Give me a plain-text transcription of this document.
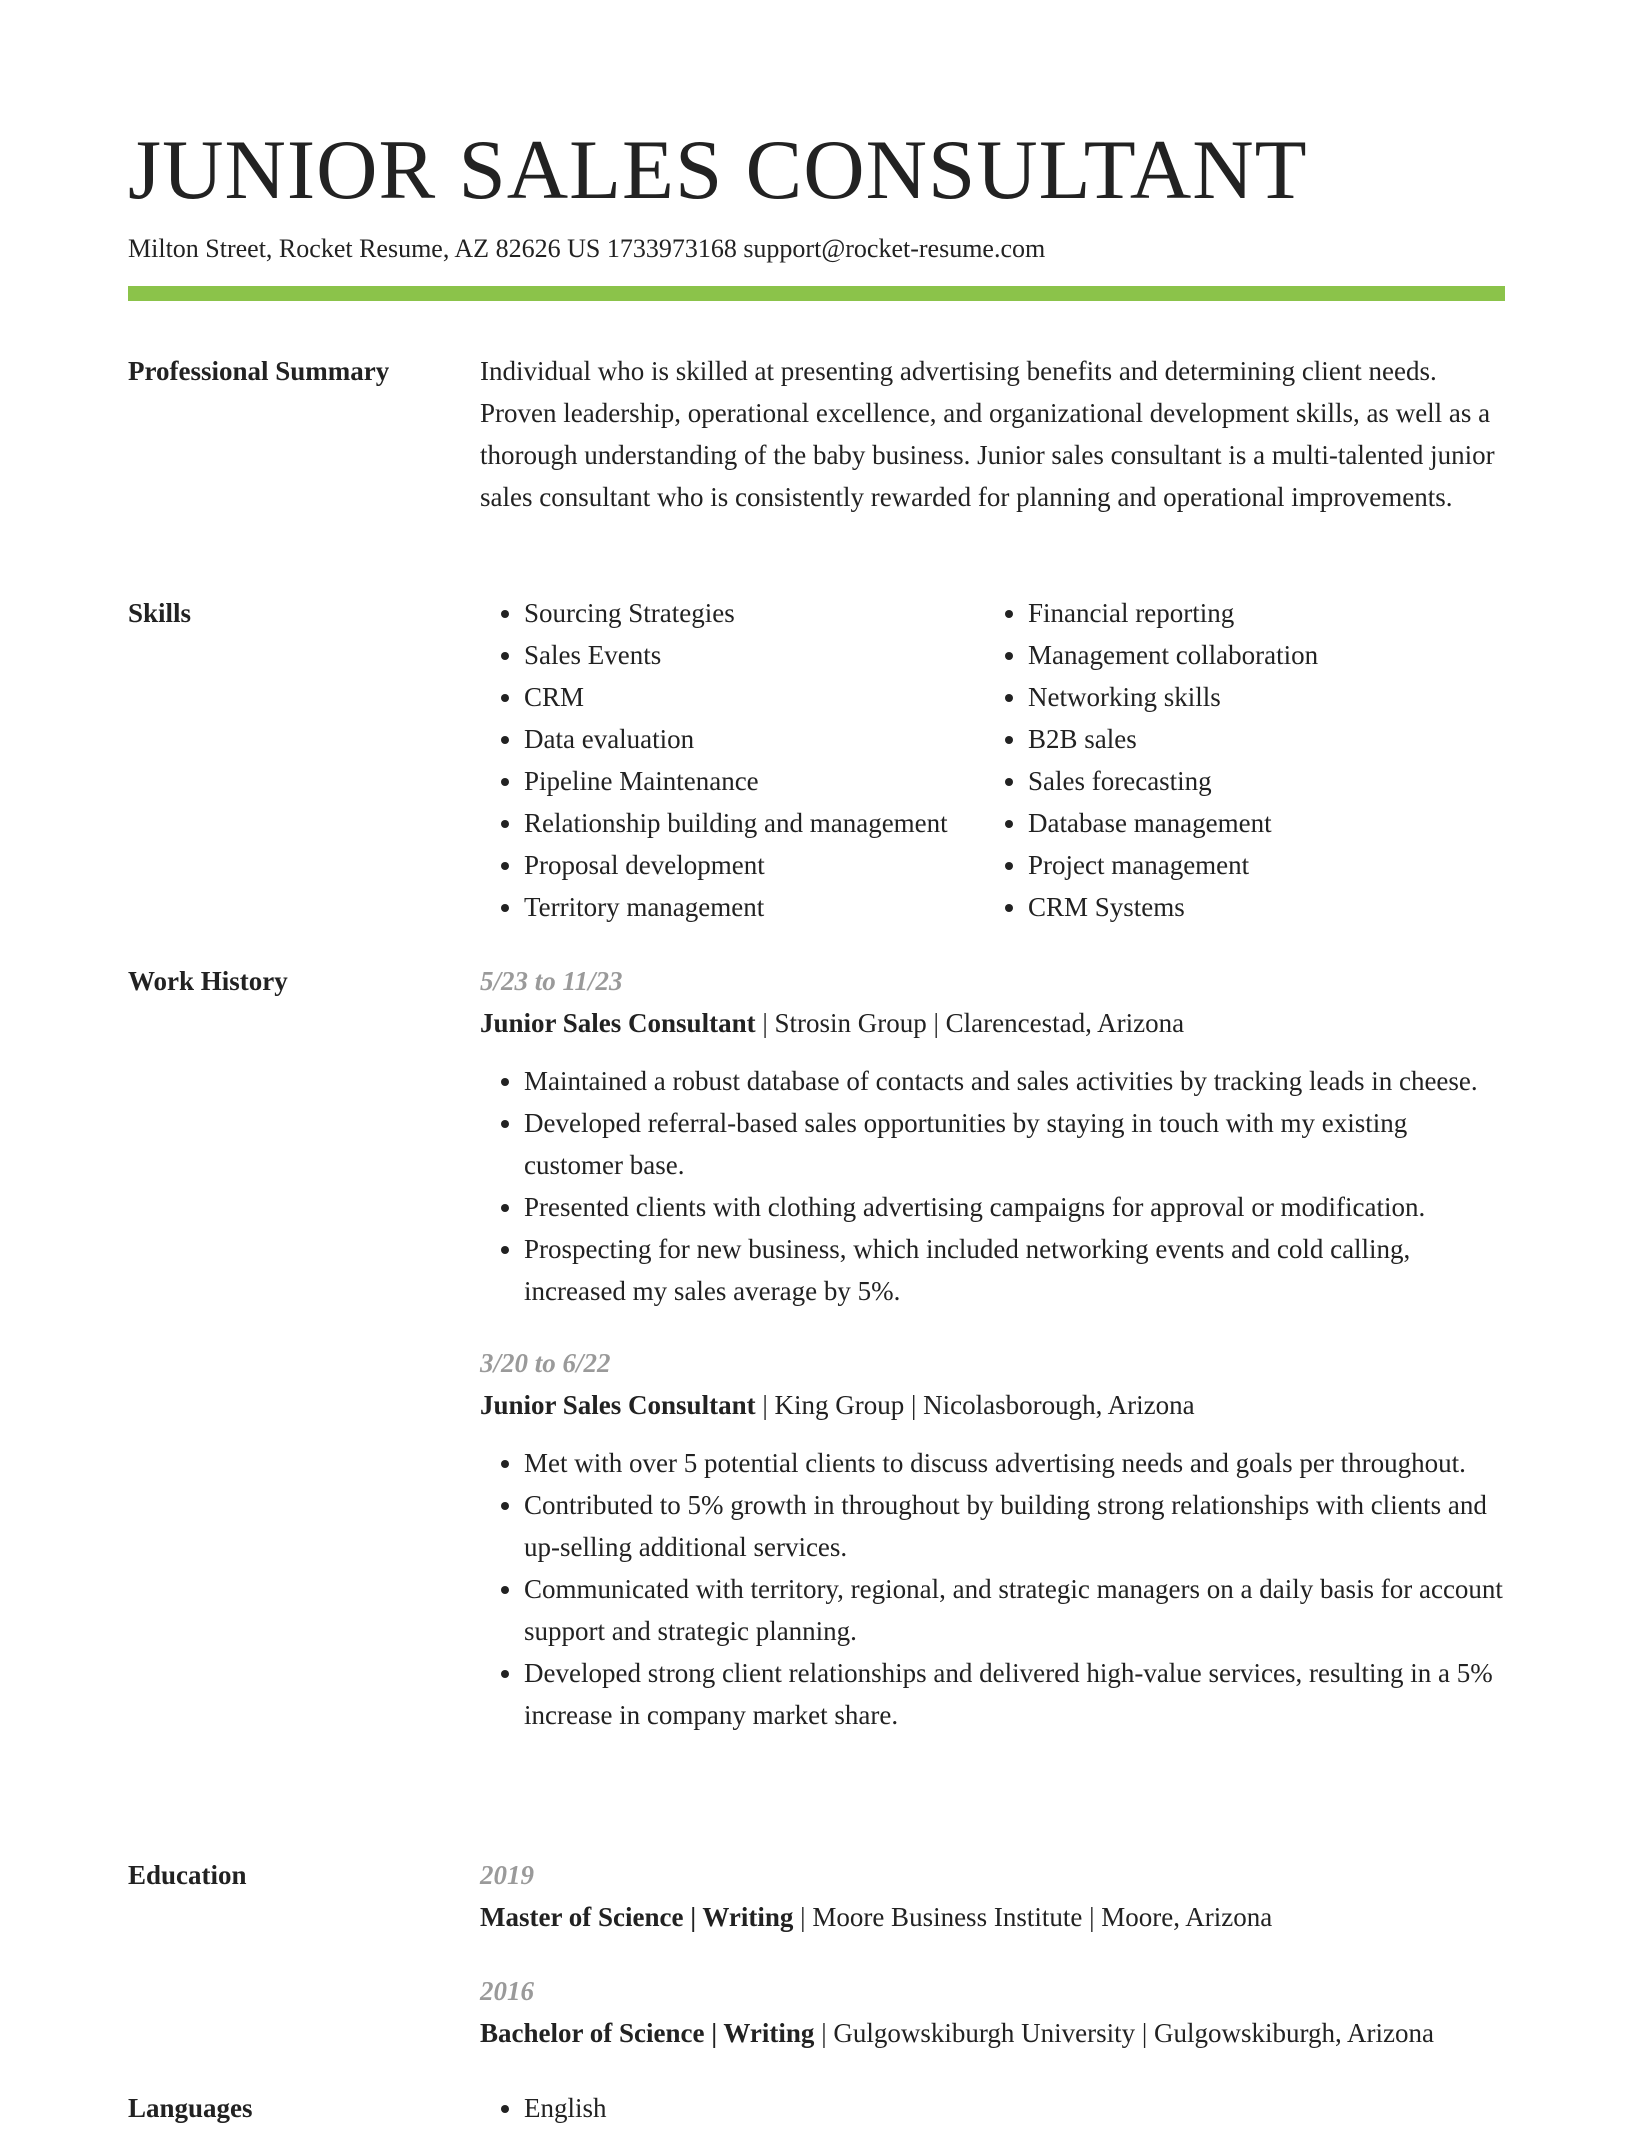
JUNIOR SALES CONSULTANT
Milton Street, Rocket Resume, AZ 82626 US 1733973168 support@rocket-resume.com
Professional Summary	Individual who is skilled at presenting advertising benefits and determining client needs. Proven leadership, operational excellence, and organizational development skills, as well as a thorough understanding of the baby business. Junior sales consultant is a multi-talented junior sales consultant who is consistently rewarded for planning and operational improvements.

Skills	• Sourcing Strategies
• Sales Events
• CRM
• Data evaluation
• Pipeline Maintenance
• Relationship building and management
• Proposal development
• Territory management
• Financial reporting
• Management collaboration
• Networking skills
• B2B sales
• Sales forecasting
• Database management
• Project management
• CRM Systems
Work History	5/23 to 11/23
Junior Sales Consultant | Strosin Group | Clarencestad, Arizona
• Maintained a robust database of contacts and sales activities by tracking leads in cheese.
• Developed referral-based sales opportunities by staying in touch with my existing customer base.
• Presented clients with clothing advertising campaigns for approval or modification.
• Prospecting for new business, which included networking events and cold calling, increased my sales average by 5%.
3/20 to 6/22
Junior Sales Consultant | King Group | Nicolasborough, Arizona
• Met with over 5 potential clients to discuss advertising needs and goals per throughout.
• Contributed to 5% growth in throughout by building strong relationships with clients and up-selling additional services.
• Communicated with territory, regional, and strategic managers on a daily basis for account support and strategic planning.
• Developed strong client relationships and delivered high-value services, resulting in a 5% increase in company market share.
Education	2019
Master of Science | Writing | Moore Business Institute | Moore, Arizona
2016
Bachelor of Science | Writing | Gulgowskiburgh University | Gulgowskiburgh, Arizona
Languages	• English
